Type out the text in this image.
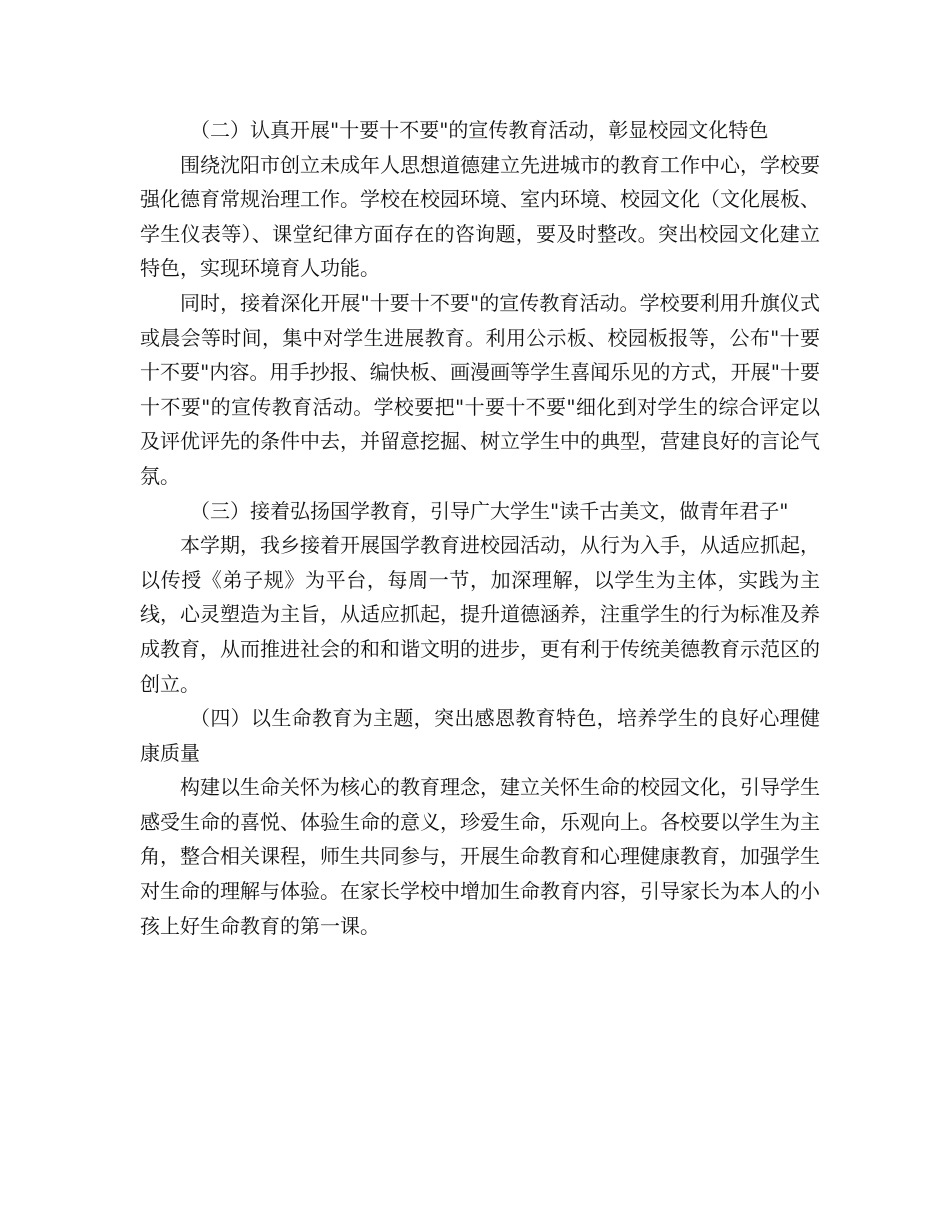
（二）认真开展"十要十不要"的宣传教育活动，彰显校园文化特色

围绕沈阳市创立未成年人思想道德建立先进城市的教育工作中心，学校要强化德育常规治理工作。学校在校园环境、室内环境、校园文化（文化展板、学生仪表等）、课堂纪律方面存在的咨询题，要及时整改。突出校园文化建立特色，实现环境育人功能。

同时，接着深化开展"十要十不要"的宣传教育活动。学校要利用升旗仪式或晨会等时间，集中对学生进展教育。利用公示板、校园板报等，公布"十要十不要"内容。用手抄报、编快板、画漫画等学生喜闻乐见的方式，开展"十要十不要"的宣传教育活动。学校要把"十要十不要"细化到对学生的综合评定以及评优评先的条件中去，并留意挖掘、树立学生中的典型，营建良好的言论气氛。

（三）接着弘扬国学教育，引导广大学生"读千古美文，做青年君子"

本学期，我乡接着开展国学教育进校园活动，从行为入手，从适应抓起，以传授《弟子规》为平台，每周一节，加深理解，以学生为主体，实践为主线，心灵塑造为主旨，从适应抓起，提升道德涵养，注重学生的行为标准及养成教育，从而推进社会的和和谐文明的进步，更有利于传统美德教育示范区的创立。

（四）以生命教育为主题，突出感恩教育特色，培养学生的良好心理健康质量

构建以生命关怀为核心的教育理念，建立关怀生命的校园文化，引导学生感受生命的喜悦、体验生命的意义，珍爱生命，乐观向上。各校要以学生为主角，整合相关课程，师生共同参与，开展生命教育和心理健康教育，加强学生对生命的理解与体验。在家长学校中增加生命教育内容，引导家长为本人的小孩上好生命教育的第一课。
